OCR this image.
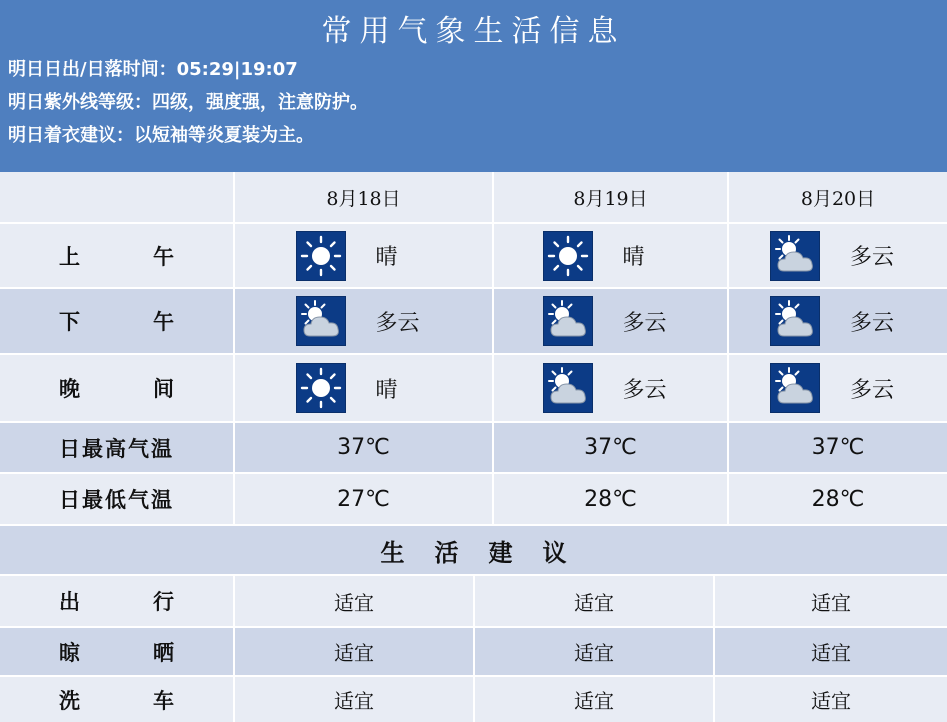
常用气象生活信息
明日日出/日落时间：05:29|19:07
明日紫外线等级：四级，强度强，注意防护。
明日着衣建议：以短袖等炎夏装为主。
8月18日	8月19日	8月20日
上　午	晴	晴	多云
下　午	多云	多云	多云
晚　间	晴	多云	多云
日最高气温	37℃	37℃	37℃
日最低气温	27℃	28℃	28℃
生活建议
出　行	适宜	适宜	适宜
晾　晒	适宜	适宜	适宜
洗　车	适宜	适宜	适宜
